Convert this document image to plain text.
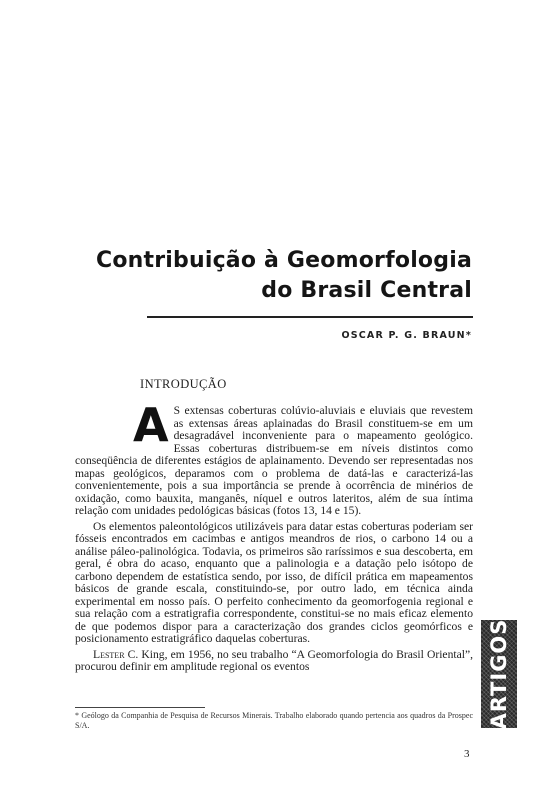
Contribuição à Geomorfologia
do Brasil Central
OSCAR P. G. BRAUN*
INTRODUÇÃO

A S extensas coberturas colúvio-aluviais e eluviais que revestem as extensas áreas aplainadas do Brasil constituem-se em um desagradável inconveniente para o mapeamento geológico. Essas coberturas distribuem-se em níveis distintos como conseqüência de diferentes estágios de aplainamento. Devendo ser representadas nos mapas geológicos, deparamos com o problema de datá-las e caracterizá-las convenientemente, pois a sua importância se prende à ocorrência de minérios de oxidação, como bauxita, manganês, níquel e outros lateritos, além de sua íntima relação com unidades pedológicas básicas (fotos 13, 14 e 15).

Os elementos paleontológicos utilizáveis para datar estas coberturas poderiam ser fósseis encontrados em cacimbas e antigos meandros de rios, o carbono 14 ou a análise páleo-palinológica. Todavia, os primeiros são raríssimos e sua descoberta, em geral, é obra do acaso, enquanto que a palinologia e a datação pelo isótopo de carbono dependem de estatística sendo, por isso, de difícil prática em mapeamentos básicos de grande escala, constituindo-se, por outro lado, em técnica ainda experimental em nosso país. O perfeito conhecimento da geomorfogenia regional e sua relação com a estratigrafia correspondente, constitui-se no mais eficaz elemento de que podemos dispor para a caracterização dos grandes ciclos geomórficos e posicionamento estratigráfico daquelas coberturas.

Lester C. King, em 1956, no seu trabalho “A Geomorfologia do Brasil Oriental”, procurou definir em amplitude regional os eventos

* Geólogo da Companhia de Pesquisa de Recursos Minerais. Trabalho elaborado quando pertencia aos quadros da Prospec S/A.
3
ARTIGOS
